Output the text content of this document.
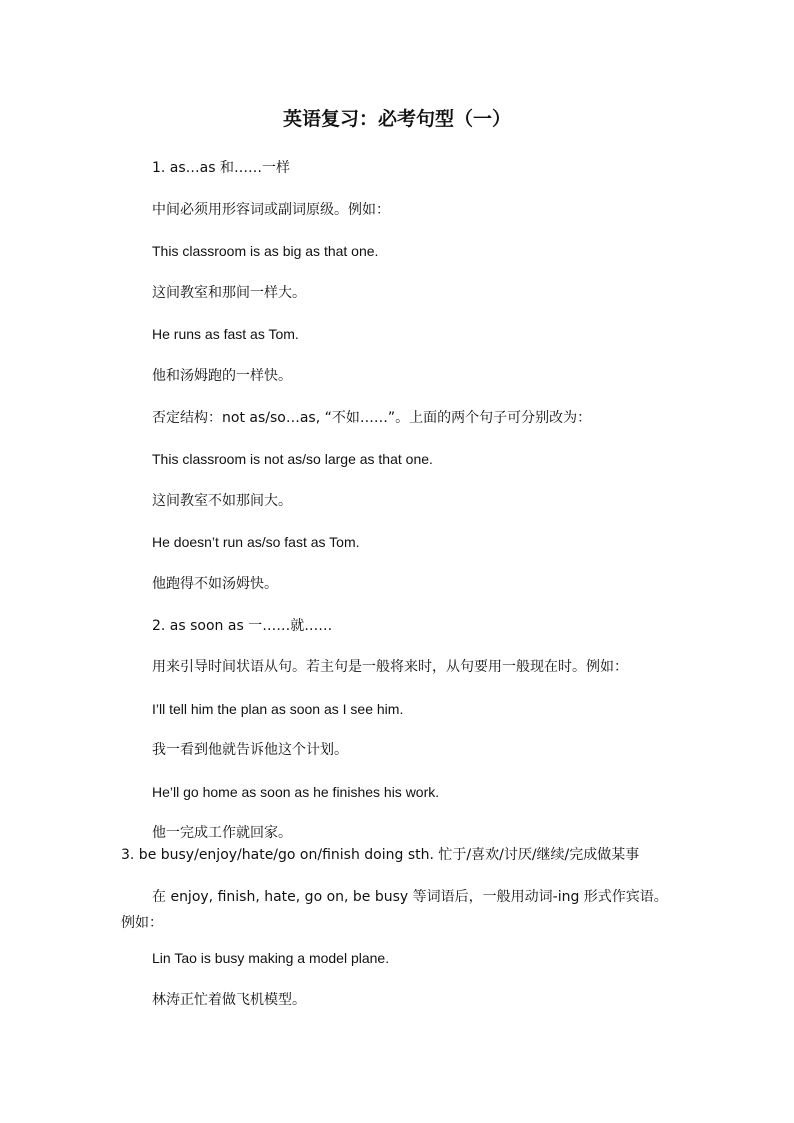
英语复习：必考句型（一）
1. as…as 和……一样
中间必须用形容词或副词原级。例如：
This classroom is as big as that one.
这间教室和那间一样大。
He runs as fast as Tom.
他和汤姆跑的一样快。
否定结构：not as/so…as, “不如……”。上面的两个句子可分别改为：
This classroom is not as/so large as that one.
这间教室不如那间大。
He doesn’t run as/so fast as Tom.
他跑得不如汤姆快。
2. as soon as 一……就……
用来引导时间状语从句。若主句是一般将来时，从句要用一般现在时。例如：
I’ll tell him the plan as soon as I see him.
我一看到他就告诉他这个计划。
He’ll go home as soon as he finishes his work.
他一完成工作就回家。
3. be busy/enjoy/hate/go on/finish doing sth. 忙于/喜欢/讨厌/继续/完成做某事
在 enjoy, finish, hate, go on, be busy 等词语后，一般用动词-ing 形式作宾语。例如：
Lin Tao is busy making a model plane.
林涛正忙着做飞机模型。
